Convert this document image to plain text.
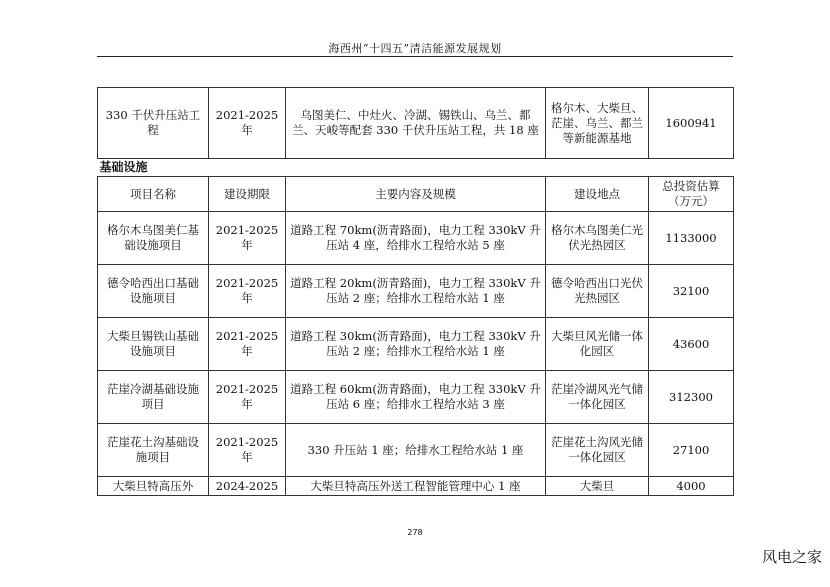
海西州“十四五”清洁能源发展规划
330 千伏升压站工程	2021-2025 年	乌图美仁、中灶火、冷湖、锡铁山、乌兰、都兰、天峻等配套 330 千伏升压站工程，共 18 座	格尔木、大柴旦、茫崖、乌兰、都兰等新能源基地	1600941
基础设施				
项目名称	建设期限	主要内容及规模	建设地点	总投资估算（万元）
格尔木乌图美仁基础设施项目	2021-2025 年	道路工程 70km(沥青路面)，电力工程 330kV 升压站 4 座，给排水工程给水站 5 座	格尔木乌图美仁光伏光热园区	1133000
德令哈西出口基础设施项目	2021-2025 年	道路工程 20km(沥青路面)，电力工程 330kV 升压站 2 座；给排水工程给水站 1 座	德令哈西出口光伏光热园区	32100
大柴旦锡铁山基础设施项目	2021-2025 年	道路工程 30km(沥青路面)，电力工程 330kV 升压站 2 座；给排水工程给水站 1 座	大柴旦风光储一体化园区	43600
茫崖冷湖基础设施项目	2021-2025 年	道路工程 60km(沥青路面)，电力工程 330kV 升压站 6 座；给排水工程给水站 3 座	茫崖冷湖风光气储一体化园区	312300
茫崖花土沟基础设施项目	2021-2025 年	330 升压站 1 座；给排水工程给水站 1 座	茫崖花土沟风光储一体化园区	27100
大柴旦特高压外	2024-2025	大柴旦特高压外送工程智能管理中心 1 座	大柴旦	4000
278
风电之家
